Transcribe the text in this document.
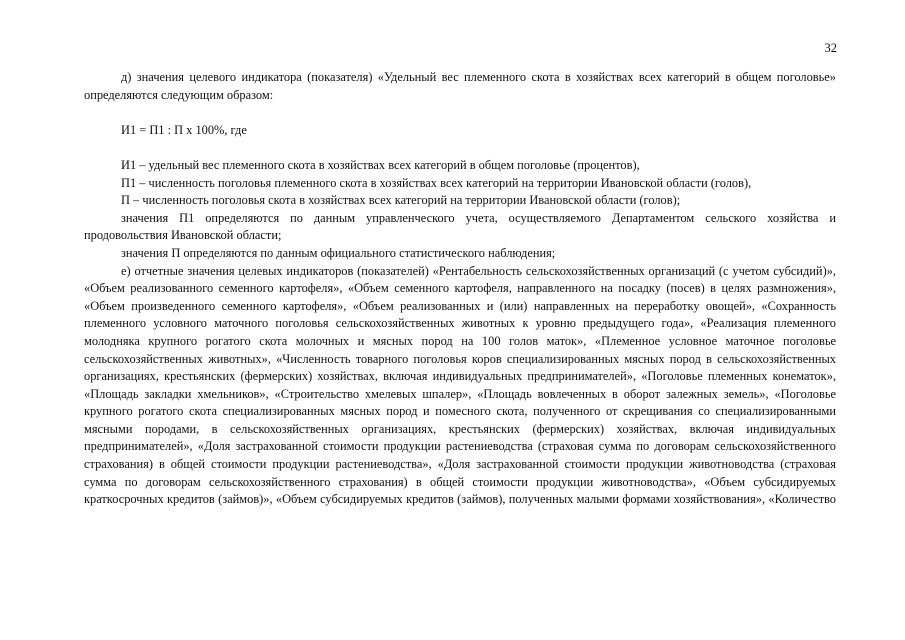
32

д) значения целевого индикатора (показателя) «Удельный вес племенного скота в хозяйствах всех категорий в общем поголовье» определяются следующим образом:

И1 = П1 : П x 100%, где

И1 – удельный вес племенного скота в хозяйствах всех категорий в общем поголовье (процентов),

П1 – численность поголовья племенного скота в хозяйствах всех категорий на территории Ивановской области (голов),

П – численность поголовья скота в хозяйствах всех категорий на территории Ивановской области (голов);

значения П1 определяются по данным управленческого учета, осуществляемого Департаментом сельского хозяйства и продовольствия Ивановской области;

значения П определяются по данным официального статистического наблюдения;

е) отчетные значения целевых индикаторов (показателей) «Рентабельность сельскохозяйственных организаций (с учетом субсидий)», «Объем реализованного семенного картофеля», «Объем семенного картофеля, направленного на посадку (посев) в целях размножения», «Объем произведенного семенного картофеля», «Объем реализованных и (или) направленных на переработку овощей», «Сохранность племенного условного маточного поголовья сельскохозяйственных животных к уровню предыдущего года», «Реализация племенного молодняка крупного рогатого скота молочных и мясных пород на 100 голов маток», «Племенное условное маточное поголовье сельскохозяйственных животных», «Численность товарного поголовья коров специализированных мясных пород в сельскохозяйственных организациях, крестьянских (фермерских) хозяйствах, включая индивидуальных предпринимателей», «Поголовье племенных конематок», «Площадь закладки хмельников», «Строительство хмелевых шпалер», «Площадь вовлеченных в оборот залежных земель», «Поголовье крупного рогатого скота специализированных мясных пород и помесного скота, полученного от скрещивания со специализированными мясными породами, в сельскохозяйственных организациях, крестьянских (фермерских) хозяйствах, включая индивидуальных предпринимателей», «Доля застрахованной стоимости продукции растениеводства (страховая сумма по договорам сельскохозяйственного страхования) в общей стоимости продукции растениеводства», «Доля застрахованной стоимости продукции животноводства (страховая сумма по договорам сельскохозяйственного страхования) в общей стоимости продукции животноводства», «Объем субсидируемых краткосрочных кредитов (займов)», «Объем субсидируемых кредитов (займов), полученных малыми формами хозяйствования», «Количество
